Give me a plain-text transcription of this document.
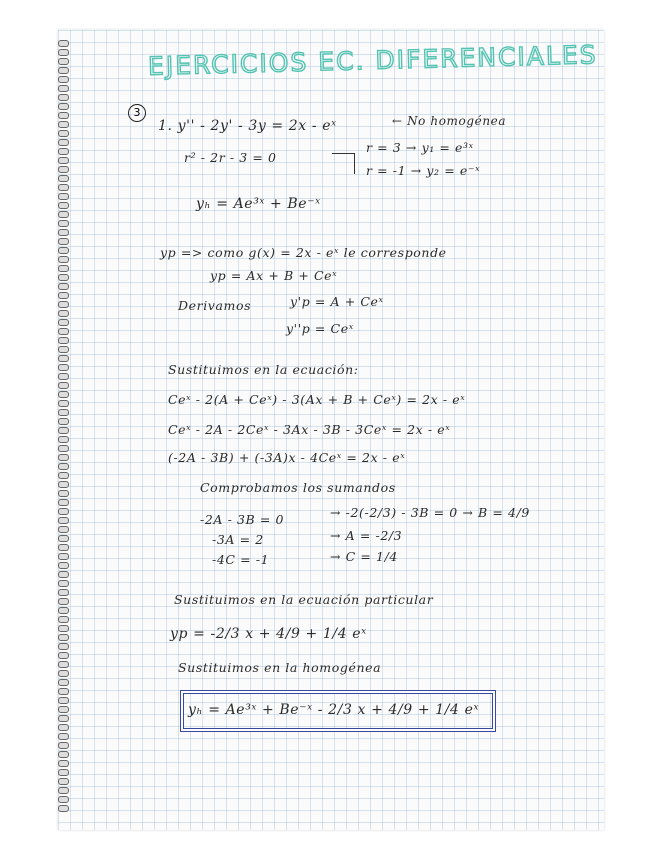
EJERCICIOS EC. DIFERENCIALES
3
1. y'' - 2y' - 3y = 2x - eˣ	← No homogénea
r² - 2r - 3 = 0
r = 3 → y₁ = e³ˣ
r = -1 → y₂ = e⁻ˣ
yₕ = Ae³ˣ + Be⁻ˣ
yp => como g(x) = 2x - eˣ le corresponde
yp = Ax + B + Ceˣ
Derivamos	y'p = A + Ceˣ
y''p = Ceˣ
Sustituimos en la ecuación:
Ceˣ - 2(A + Ceˣ) - 3(Ax + B + Ceˣ) = 2x - eˣ
Ceˣ - 2A - 2Ceˣ - 3Ax - 3B - 3Ceˣ = 2x - eˣ
(-2A - 3B) + (-3A)x - 4Ceˣ = 2x - eˣ
Comprobamos los sumandos
-2A - 3B = 0	→ -2(-2/3) - 3B = 0 → B = 4/9
-3A = 2	→ A = -2/3
-4C = -1	→ C = 1/4
Sustituimos en la ecuación particular
yp = -2/3 x + 4/9 + 1/4 eˣ
Sustituimos en la homogénea
yₕ = Ae³ˣ + Be⁻ˣ - 2/3 x + 4/9 + 1/4 eˣ
